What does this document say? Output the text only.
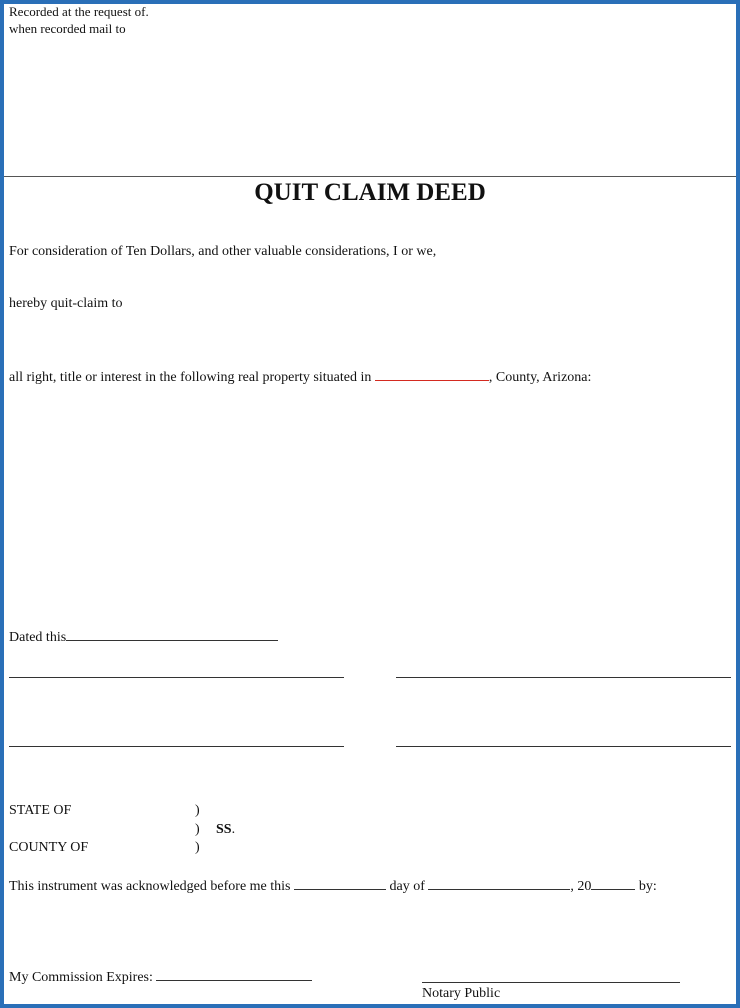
Recorded at the request of.
when recorded mail to
QUIT CLAIM DEED
For consideration of Ten Dollars, and other valuable considerations, I or we,
hereby quit-claim to
all right, title or interest in the following real property situated in	, County, Arizona:
Dated this
STATE OF	)
) SS.
COUNTY OF	)
This instrument was acknowledged before me this	day of	, 20	by:
My Commission Expires:
Notary Public
